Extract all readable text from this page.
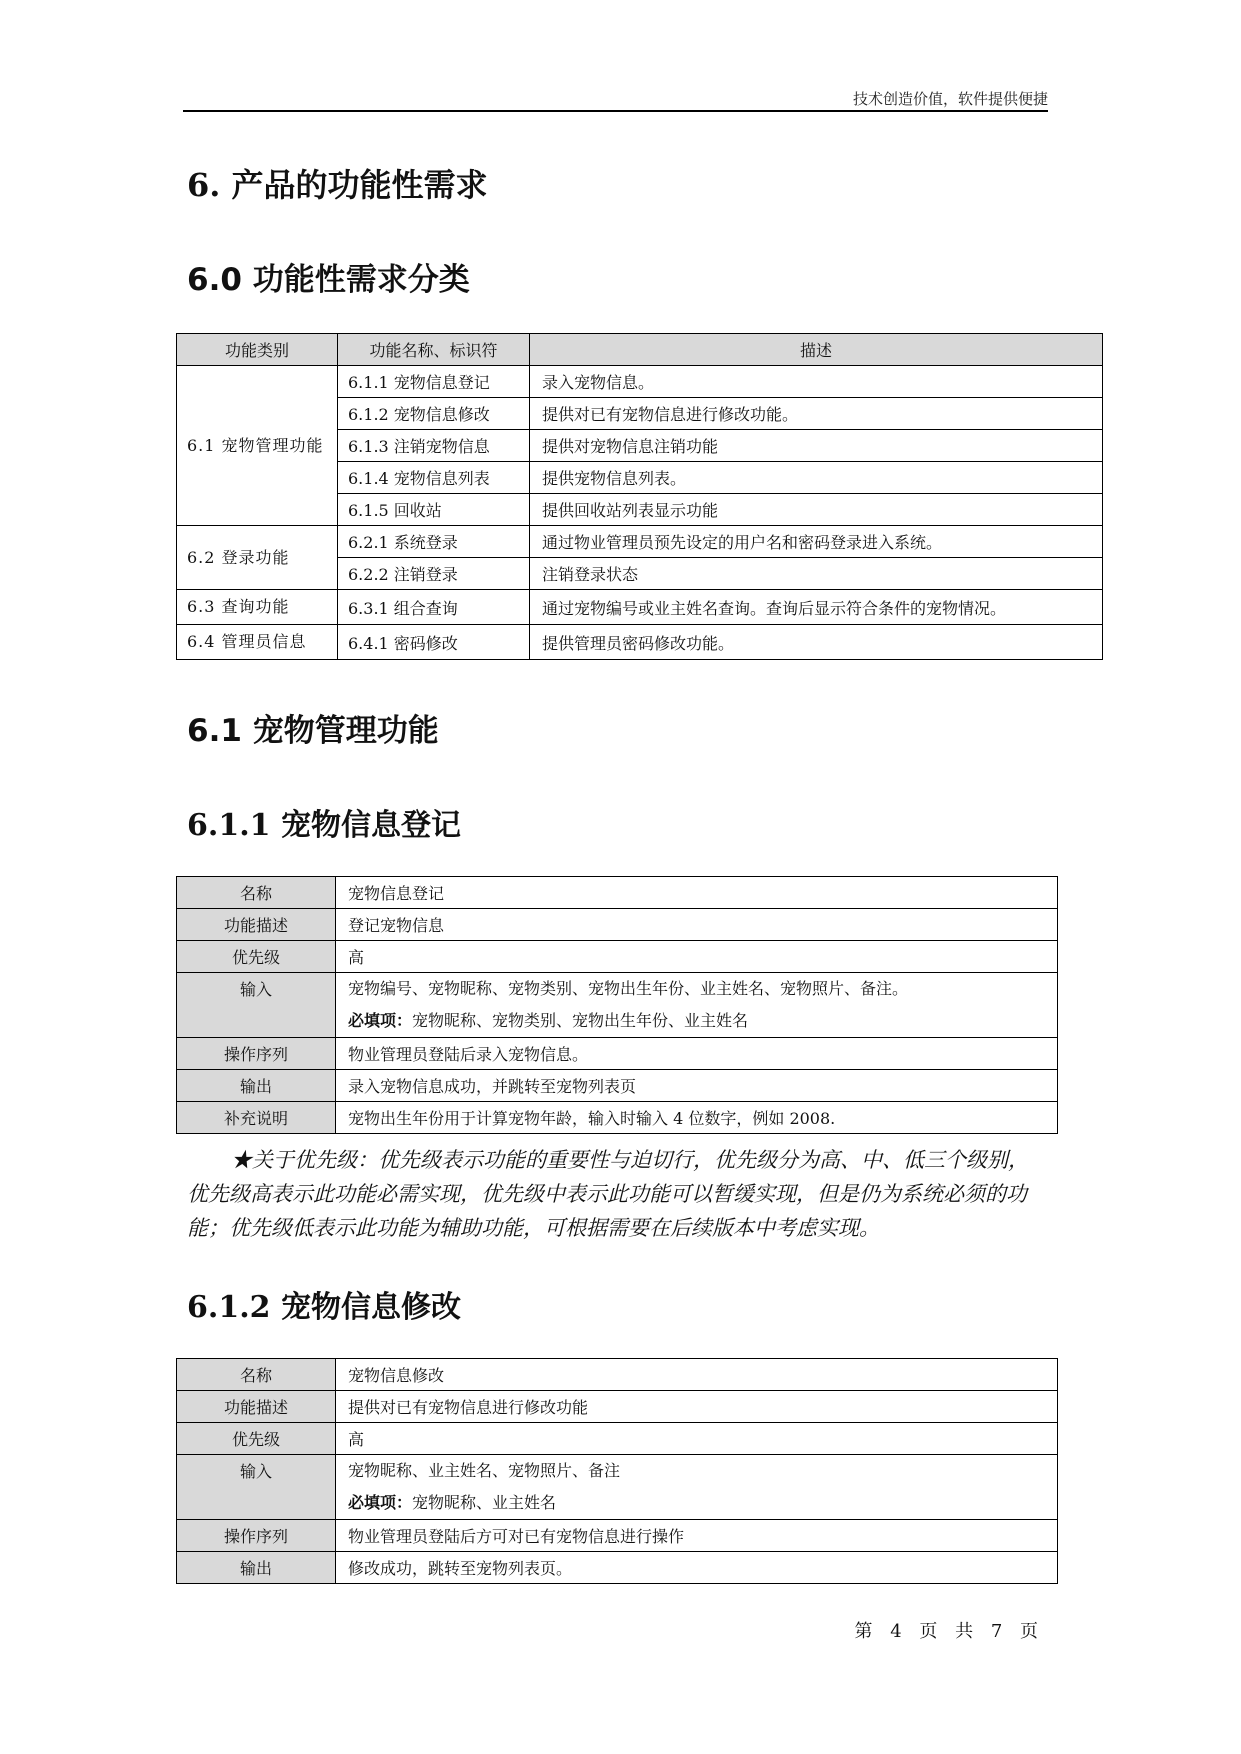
技术创造价值，软件提供便捷
6. 产品的功能性需求
6.0 功能性需求分类
功能类别	功能名称、标识符	描述
6.1 宠物管理功能	6.1.1 宠物信息登记	录入宠物信息。
	6.1.2 宠物信息修改	提供对已有宠物信息进行修改功能。
	6.1.3 注销宠物信息	提供对宠物信息注销功能
	6.1.4 宠物信息列表	提供宠物信息列表。
	6.1.5 回收站	提供回收站列表显示功能
6.2 登录功能	6.2.1 系统登录	通过物业管理员预先设定的用户名和密码登录进入系统。
	6.2.2 注销登录	注销登录状态
6.3 查询功能	6.3.1 组合查询	通过宠物编号或业主姓名查询。查询后显示符合条件的宠物情况。
6.4 管理员信息	6.4.1 密码修改	提供管理员密码修改功能。
6.1 宠物管理功能
6.1.1 宠物信息登记
名称	宠物信息登记
功能描述	登记宠物信息
优先级	高
输入	宠物编号、宠物昵称、宠物类别、宠物出生年份、业主姓名、宠物照片、备注。
必填项：宠物昵称、宠物类别、宠物出生年份、业主姓名

操作序列	物业管理员登陆后录入宠物信息。
输出	录入宠物信息成功，并跳转至宠物列表页
补充说明	宠物出生年份用于计算宠物年龄，输入时输入 4 位数字，例如 2008.
★关于优先级：优先级表示功能的重要性与迫切行，优先级分为高、中、低三个级别，
优先级高表示此功能必需实现，优先级中表示此功能可以暂缓实现，但是仍为系统必须的功
能；优先级低表示此功能为辅助功能，可根据需要在后续版本中考虑实现。
6.1.2 宠物信息修改
名称	宠物信息修改
功能描述	提供对已有宠物信息进行修改功能
优先级	高
输入	宠物昵称、业主姓名、宠物照片、备注
必填项：宠物昵称、业主姓名

操作序列	物业管理员登陆后方可对已有宠物信息进行操作
输出	修改成功，跳转至宠物列表页。
第 4 页 共 7 页
